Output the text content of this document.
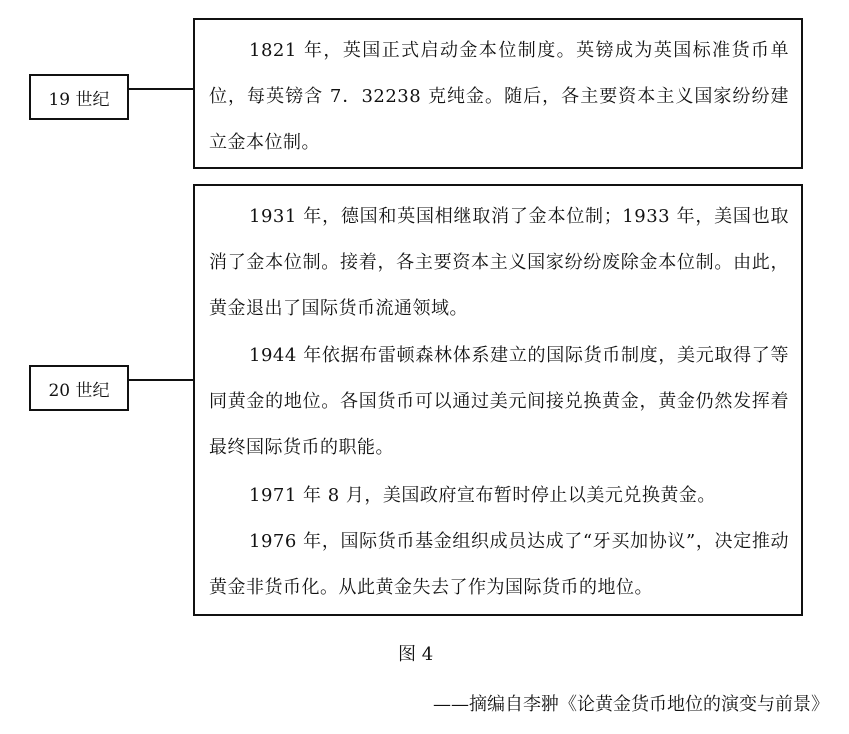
19 世纪

1821 年，英国正式启动金本位制度。英镑成为英国标准货币单位，每英镑含 7．32238 克纯金。随后，各主要资本主义国家纷纷建立金本位制。

20 世纪

1931 年，德国和英国相继取消了金本位制；1933 年，美国也取消了金本位制。接着，各主要资本主义国家纷纷废除金本位制。由此，黄金退出了国际货币流通领域。

1944 年依据布雷顿森林体系建立的国际货币制度，美元取得了等同黄金的地位。各国货币可以通过美元间接兑换黄金，黄金仍然发挥着最终国际货币的职能。

1971 年 8 月，美国政府宣布暂时停止以美元兑换黄金。

1976 年，国际货币基金组织成员达成了“牙买加协议”，决定推动黄金非货币化。从此黄金失去了作为国际货币的地位。

图 4
——摘编自李翀《论黄金货币地位的演变与前景》
